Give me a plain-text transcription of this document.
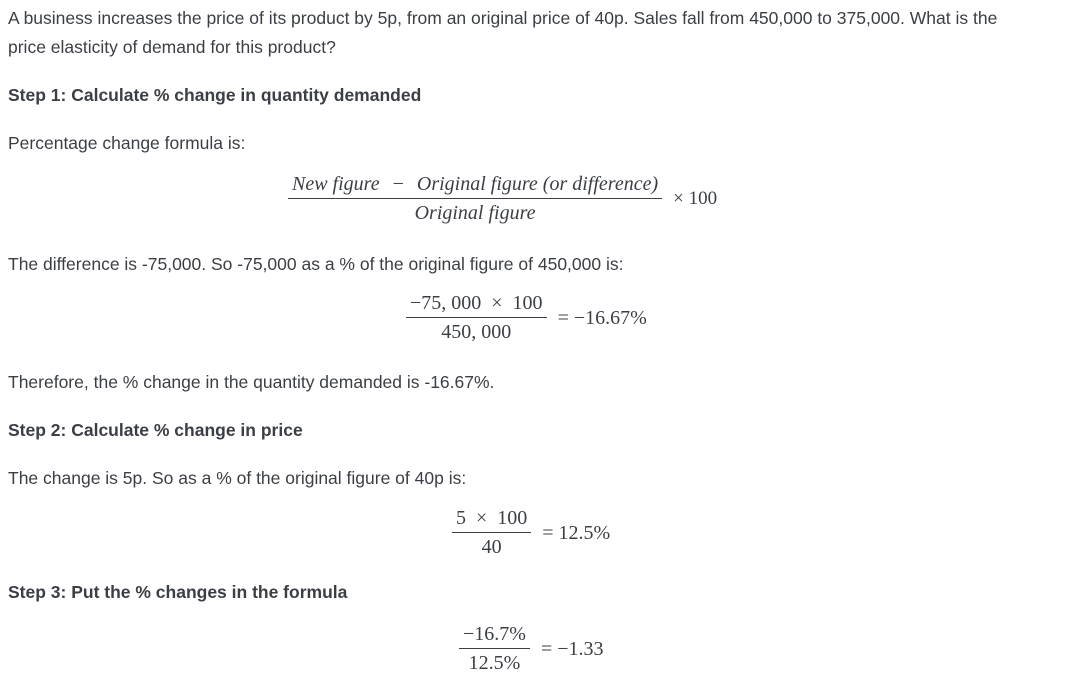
A business increases the price of its product by 5p, from an original price of 40p. Sales fall from 450,000 to 375,000. What is the
price elasticity of demand for this product?
Step 1: Calculate % change in quantity demanded
Percentage change formula is:
$\frac{\text{New figure − Original figure (or difference)}}{\text{Original figure}} \times 100$
The difference is -75,000. So -75,000 as a % of the original figure of 450,000 is:
$\frac{-75, 000 \times 100}{450, 000} = -16.67\%$
Therefore, the % change in the quantity demanded is -16.67%.
Step 2: Calculate % change in price
The change is 5p. So as a % of the original figure of 40p is:
$\frac{5 \times 100}{40} = 12.5\%$
Step 3: Put the % changes in the formula
$\frac{-16.7\%}{12.5\%} = -1.33$
